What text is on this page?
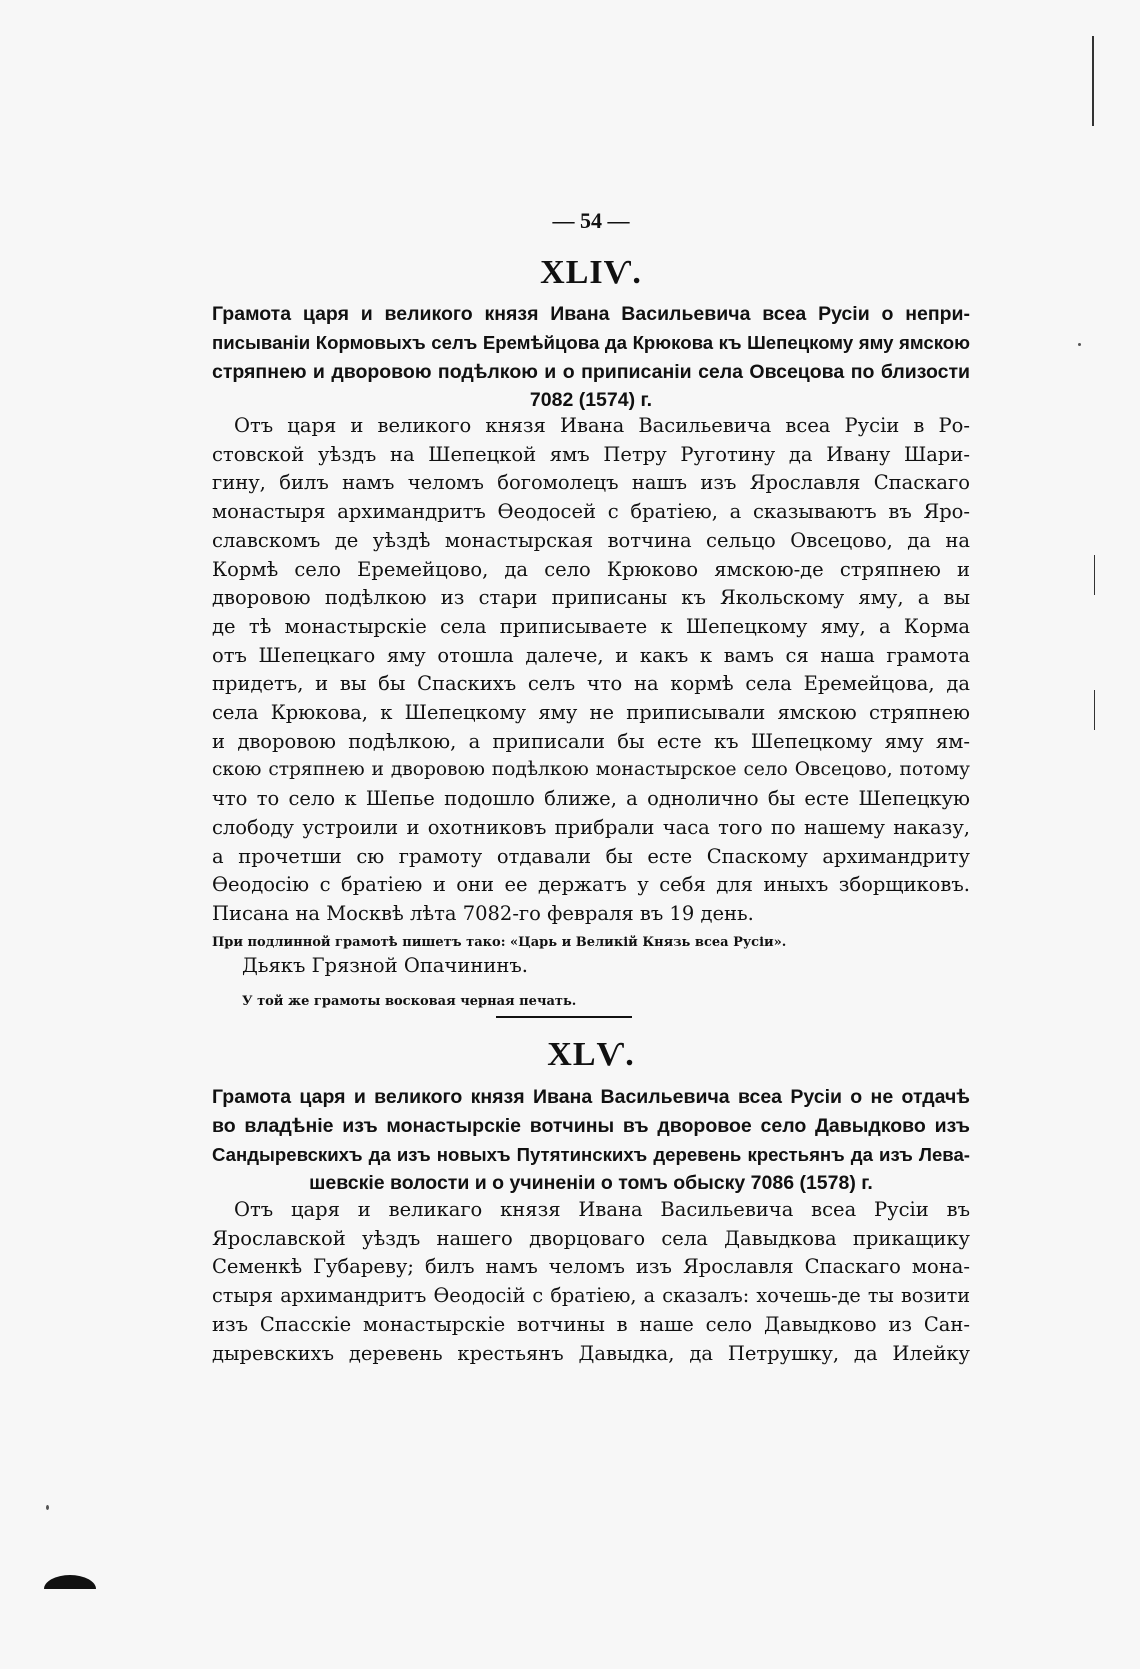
— 54 —
XLIѴ.
Грамота царя и великого князя Ивана Васильевича всеа Русіи о непри-
писываніи Кормовыхъ селъ Еремѣйцова да Крюкова къ Шепецкому яму ямскою
стряпнею и дворовою подѣлкою и о приписаніи села Овсецова по близости
7082 (1574) г.
Отъ царя и великого князя Ивана Васильевича всеа Русіи в Ро-
стовской уѣздъ на Шепецкой ямъ Петру Руготину да Ивану Шари-
гину, билъ намъ челомъ богомолецъ нашъ изъ Ярославля Спаскаго
монастыря архимандритъ Ѳеодосей с братіею, а сказываютъ въ Яро-
славскомъ де уѣздѣ монастырская вотчина сельцо Овсецово, да на
Кормѣ село Еремейцово, да село Крюково ямскою-де стряпнею и
дворовою подѣлкою из стари приписаны къ Якольскому яму, а вы
де тѣ монастырскіе села приписываете к Шепецкому яму, а Корма
отъ Шепецкаго яму отошла далече, и какъ к вамъ ся наша грамота
придетъ, и вы бы Спаскихъ селъ что на кормѣ села Еремейцова, да
села Крюкова, к Шепецкому яму не приписывали ямскою стряпнею
и дворовою подѣлкою, а приписали бы есте къ Шепецкому яму ям-
скою стряпнею и дворовою подѣлкою монастырское село Овсецово, потому
что то село к Шепье подошло ближе, а однолично бы есте Шепецкую
слободу устроили и охотниковъ прибрали часа того по нашему наказу,
а прочетши сю грамоту отдавали бы есте Спаскому архимандриту
Ѳеодосію с братіею и они ее держатъ у себя для иныхъ зборщиковъ.
Писана на Москвѣ лѣта 7082-го февраля въ 19 день.
При подлинной грамотѣ пишетъ тако: «Царь и Великій Князь всеа Русіи».
Дьякъ Грязной Опачининъ.
У той же грамоты восковая черная печать.
XLѴ.
Грамота царя и великого князя Ивана Васильевича всеа Русіи о не отдачѣ
во владѣніе изъ монастырскіе вотчины въ дворовое село Давыдково изъ
Сандыревскихъ да изъ новыхъ Путятинскихъ деревень крестьянъ да изъ Лева-
шевскіе волости и о учиненіи о томъ обыску 7086 (1578) г.
Отъ царя и великаго князя Ивана Васильевича всеа Русіи въ
Ярославской уѣздъ нашего дворцоваго села Давыдкова прикащику
Семенкѣ Губареву; билъ намъ челомъ изъ Ярославля Спаскаго мона-
стыря архимандритъ Ѳеодосій с братіею, а сказалъ: хочешь-де ты возити
изъ Спасскіе монастырскіе вотчины в наше село Давыдково из Сан-
дыревскихъ деревень крестьянъ Давыдка, да Петрушку, да Илейку
